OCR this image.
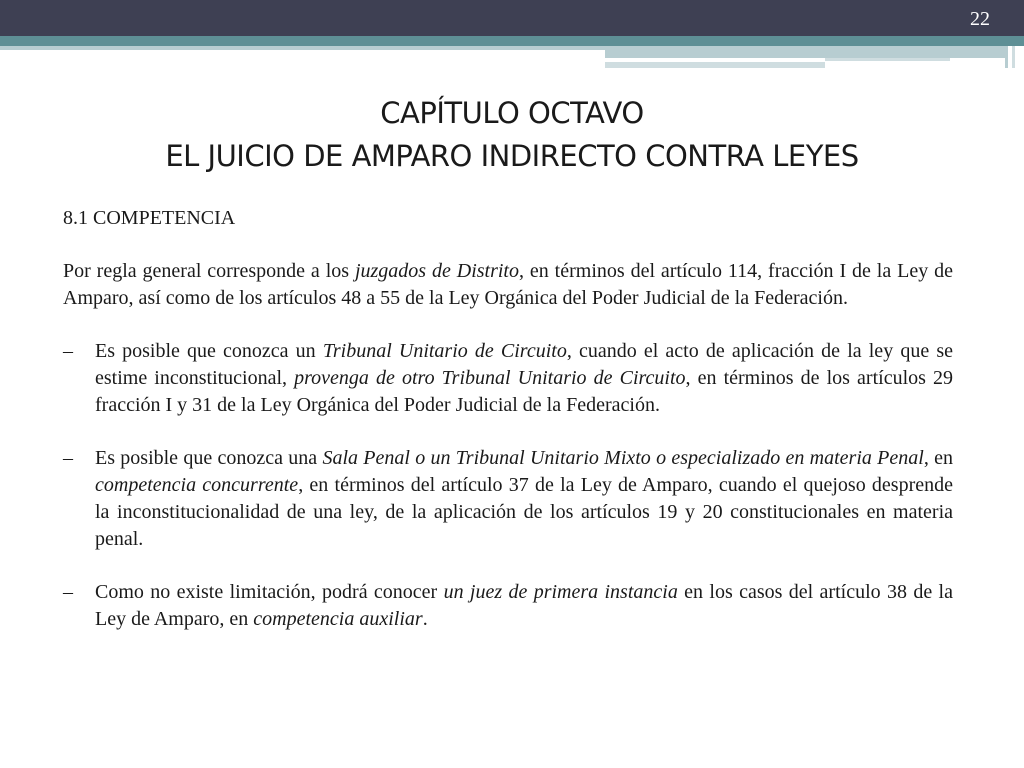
22
CAPÍTULO OCTAVO
EL JUICIO DE AMPARO INDIRECTO CONTRA LEYES
8.1 COMPETENCIA
Por regla general corresponde a los juzgados de Distrito, en términos del artículo 114, fracción I de la Ley de Amparo, así como de los artículos 48 a 55 de la Ley Orgánica del Poder Judicial de la Federación.
‒ Es posible que conozca un Tribunal Unitario de Circuito, cuando el acto de aplicación de la ley que se estime inconstitucional, provenga de otro Tribunal Unitario de Circuito, en términos de los artículos 29 fracción I y 31 de la Ley Orgánica del Poder Judicial de la Federación.
‒ Es posible que conozca una Sala Penal o un Tribunal Unitario Mixto o especializado en materia Penal, en competencia concurrente, en términos del artículo 37 de la Ley de Amparo, cuando el quejoso desprende la inconstitucionalidad de una ley, de la aplicación de los artículos 19 y 20 constitucionales en materia penal.
‒ Como no existe limitación, podrá conocer un juez de primera instancia en los casos del artículo 38 de la Ley de Amparo, en competencia auxiliar.
